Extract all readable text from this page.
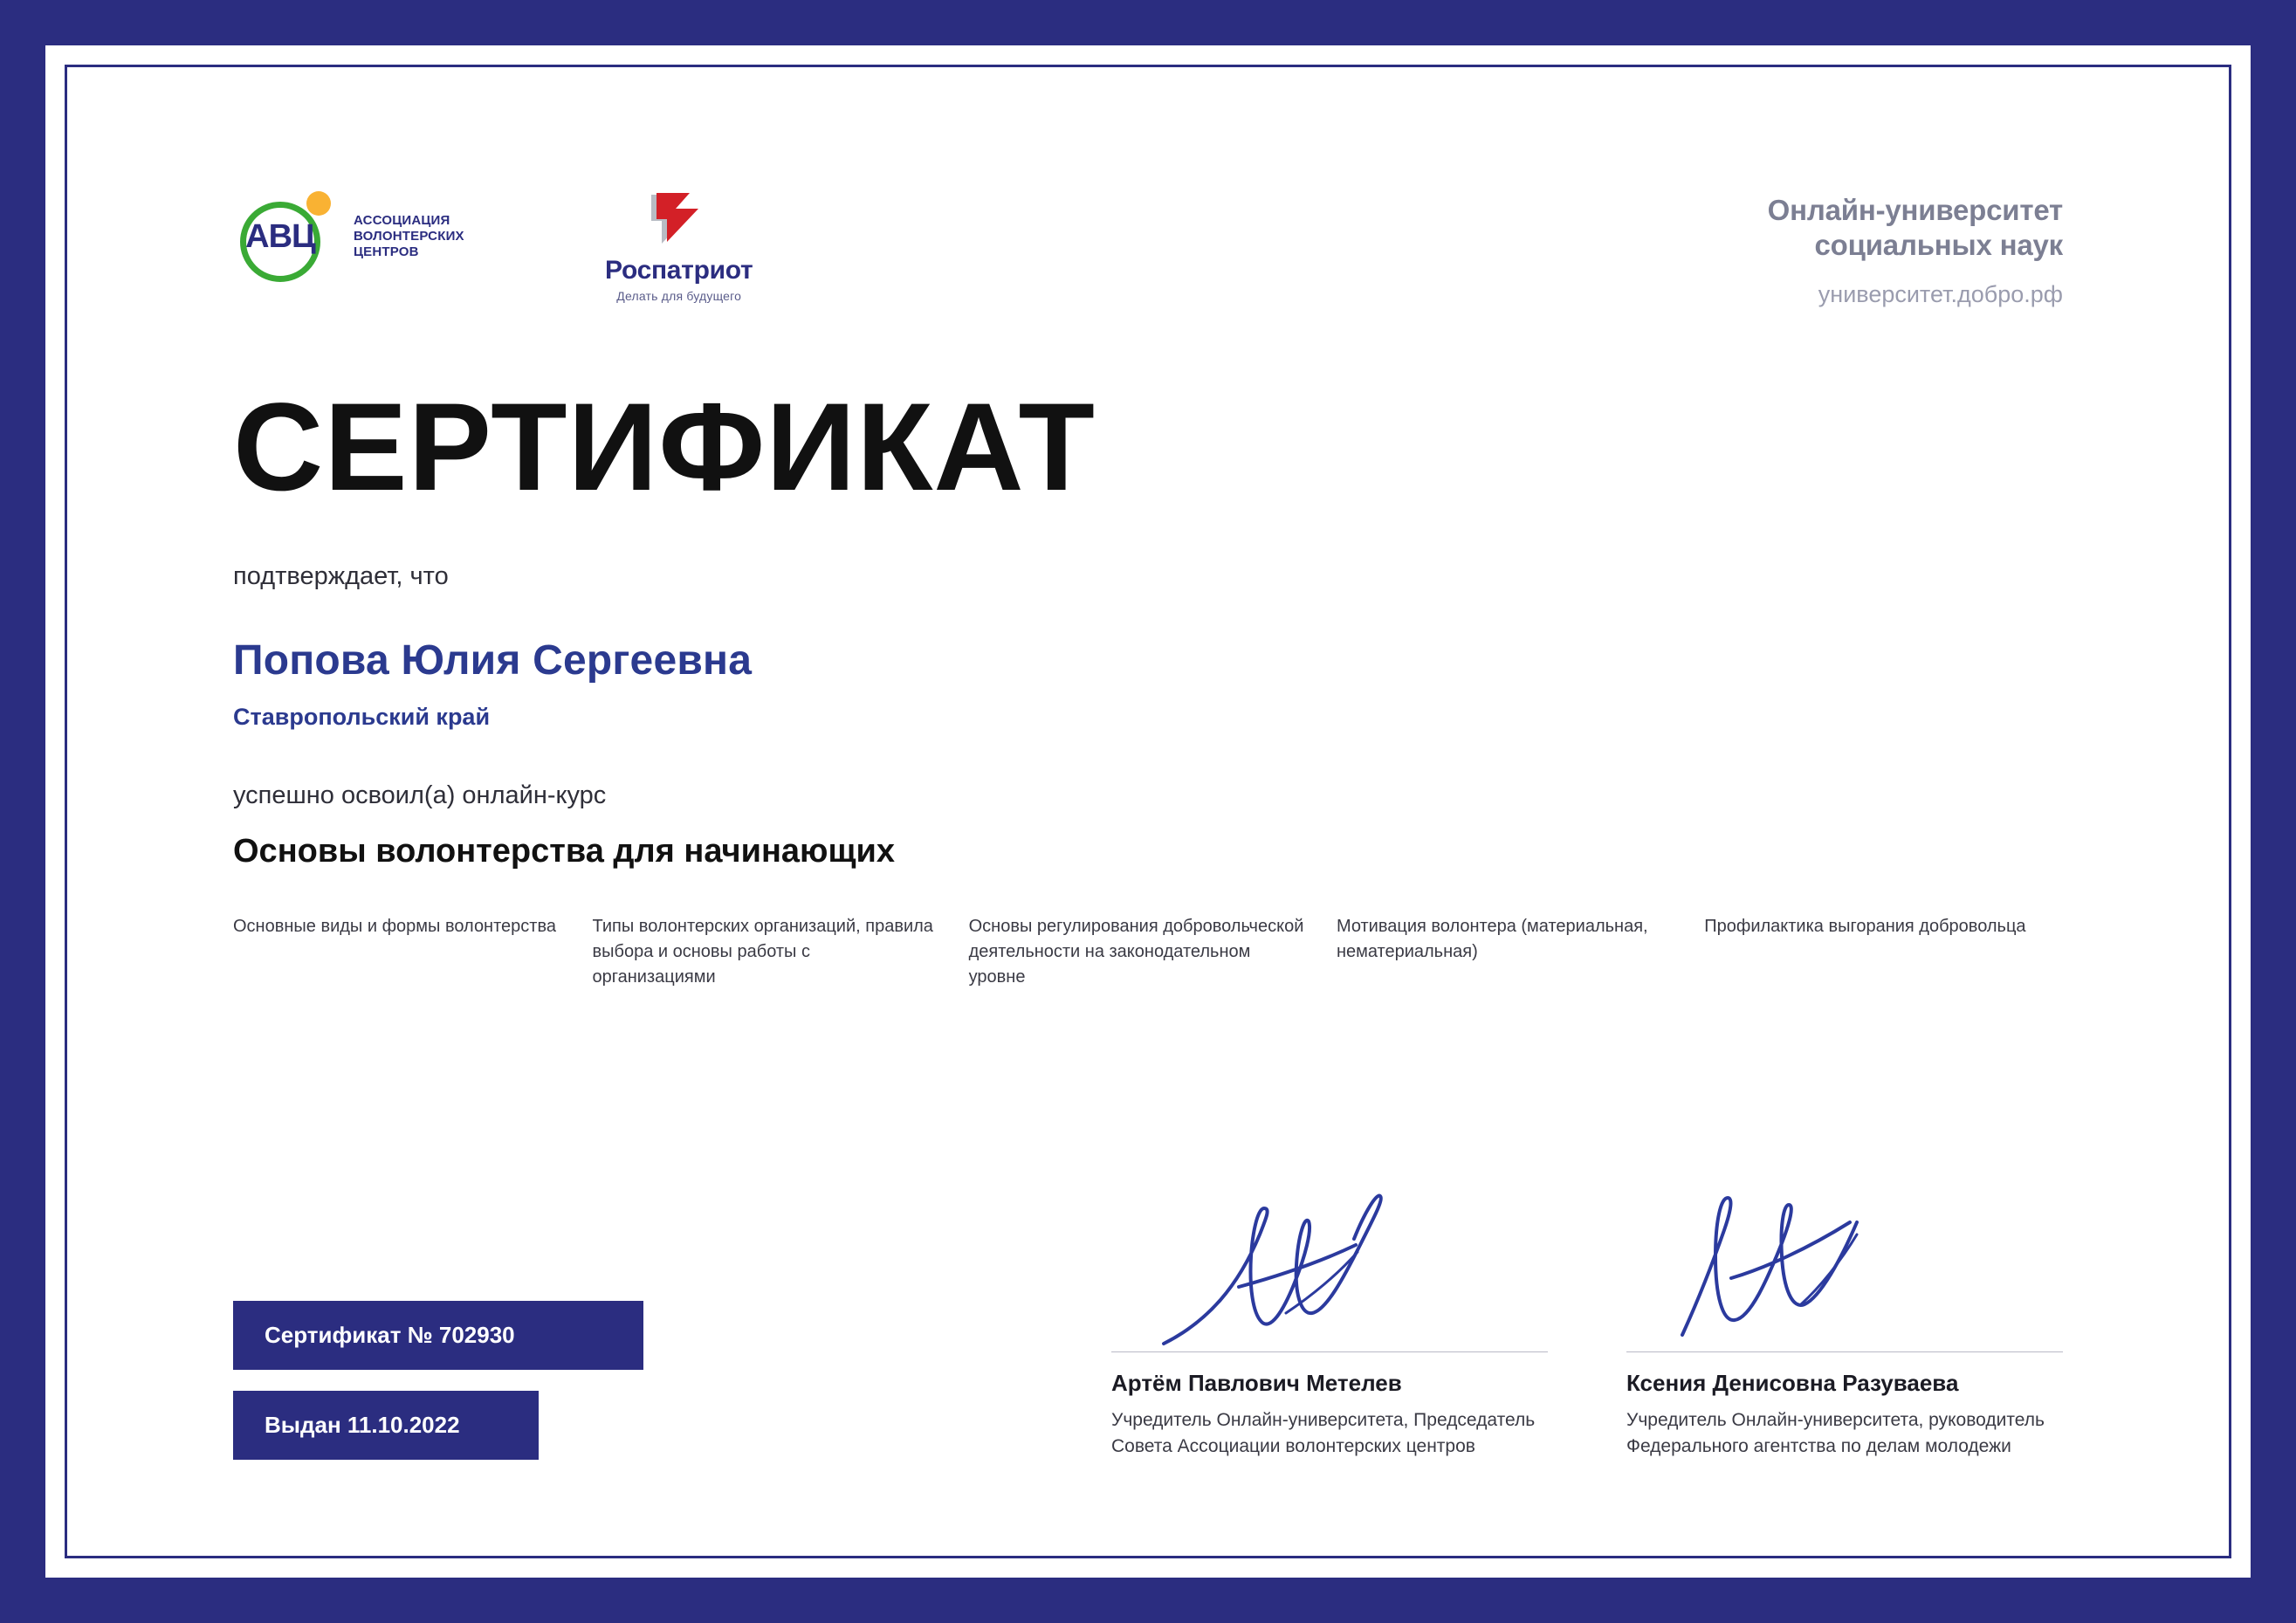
АВЦ	АССОЦИАЦИЯ ВОЛОНТЕРСКИХ ЦЕНТРОВ
Роспатриот
Делать для будущего
Онлайн-университет
социальных наук
университет.добро.рф
СЕРТИФИКАТ
подтверждает, что
Попова Юлия Сергеевна
Ставропольский край
успешно освоил(а) онлайн-курс
Основы волонтерства для начинающих
Основные виды и формы волонтерства	Типы волонтерских организаций, правила выбора и основы работы с организациями
Основы регулирования добровольческой деятельности на законодательном уровне
Мотивация волонтера (материальная, нематериальная)
Профилактика выгорания добровольца
Сертификат № 702930
Выдан 11.10.2022
Артём Павлович Метелев
Учредитель Онлайн-университета, Председатель Совета Ассоциации волонтерских центров
Ксения Денисовна Разуваева
Учредитель Онлайн-университета, руководитель Федерального агентства по делам молодежи
